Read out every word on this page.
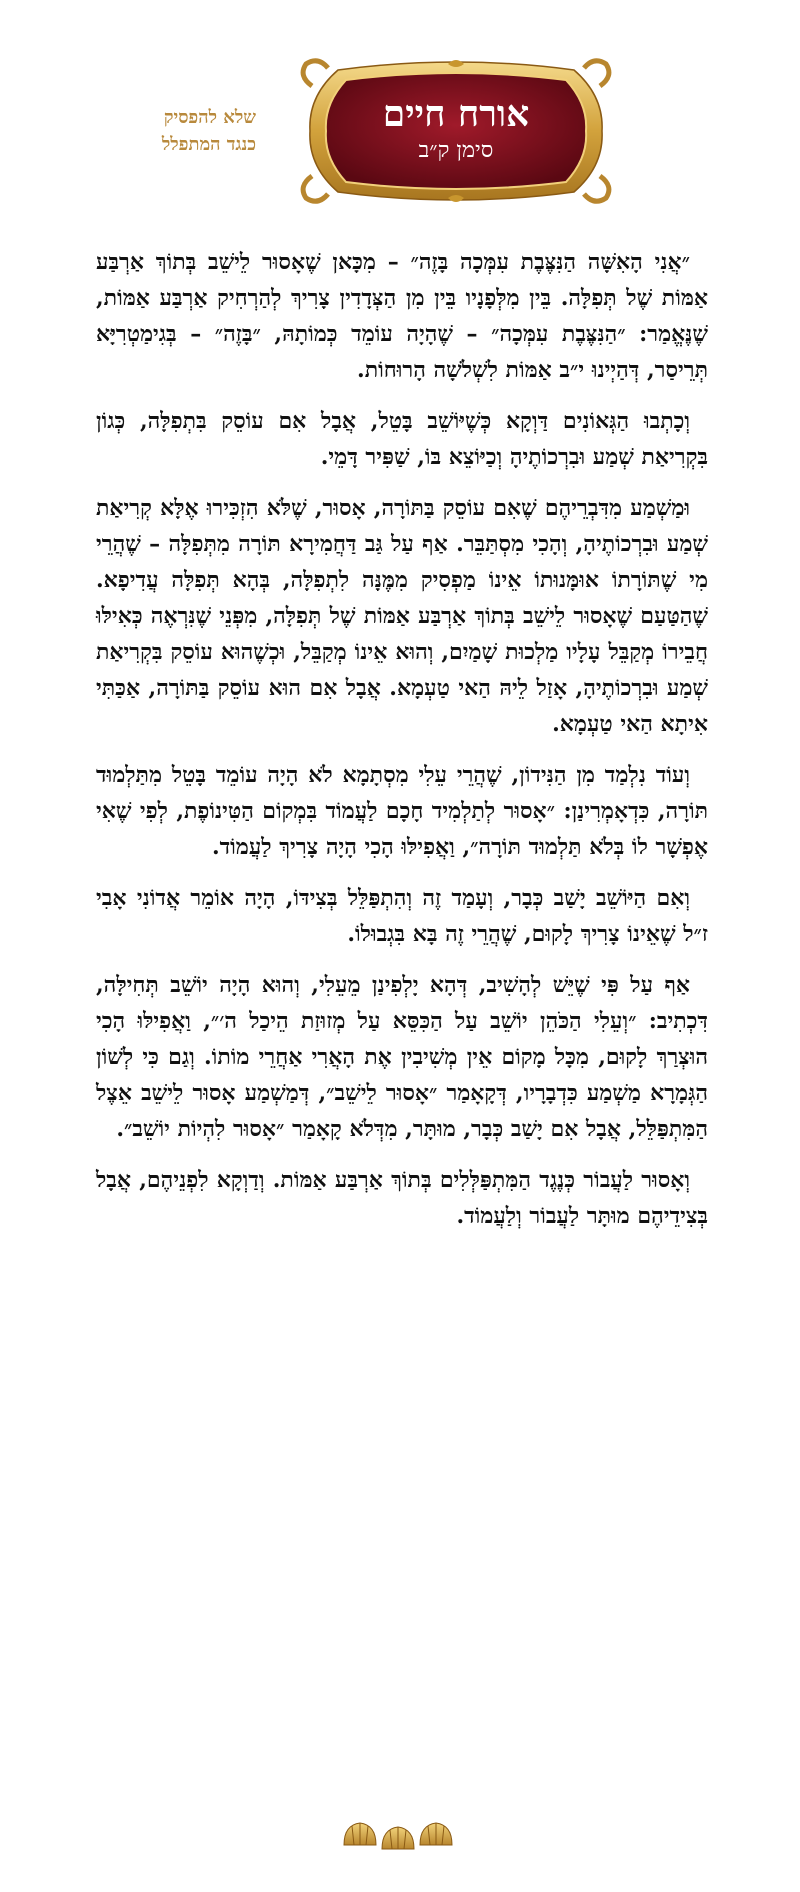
אורח חיים
סימן ק״ב
שלא להפסיק
כנגד המתפלל

״אֲנִי הָאִשָּׁה הַנִּצֶּבֶת עִמְּכָה בָּזֶה״ – מִכָּאן שֶׁאָסוּר לֵישֵׁב בְּתוֹךְ אַרְבַּע אַמּוֹת שֶׁל תְּפִלָּה. בֵּין מִלְּפָנָיו בֵּין מִן הַצְּדָדִין צָרִיךְ לְהַרְחִיק אַרְבַּע אַמּוֹת, שֶׁנֶּאֱמַר: ״הַנִּצֶּבֶת עִמְּכָה״ – שֶׁהָיָה עוֹמֵד כְּמוֹתָהּ, ״בָּזֶה״ – בְּגִימַטְרִיָּא תְּרֵיסַר, דְּהַיְינוּ י״ב אַמּוֹת לִשְׁלֹשָׁה הָרוּחוֹת.

וְכָתְבוּ הַגְּאוֹנִים דַּוְקָא כְּשֶׁיּוֹשֵׁב בָּטֵל, אֲבָל אִם עוֹסֵק בִּתְפִלָּה, כְּגוֹן בִּקְרִיאַת שְׁמַע וּבִרְכוֹתֶיהָ וְכַיּוֹצֵא בּוֹ, שַׁפִּיר דָּמֵי.

וּמַשְׁמַע מִדִּבְרֵיהֶם שֶׁאִם עוֹסֵק בַּתּוֹרָה, אָסוּר, שֶׁלֹּא הִזְכִּירוּ אֶלָּא קְרִיאַת שְׁמַע וּבִרְכוֹתֶיהָ, וְהָכִי מִסְתַּבֵּר. אַף עַל גַּב דַּחֲמִירָא תּוֹרָה מִתְּפִלָּה – שֶׁהֲרֵי מִי שֶׁתּוֹרָתוֹ אוּמָּנוּתוֹ אֵינוֹ מַפְסִיק מִמֶּנָּה לִתְפִלָּה, בְּהָא תְּפִלָּה עֲדִיפָא. שֶׁהַטַּעַם שֶׁאָסוּר לֵישֵׁב בְּתוֹךְ אַרְבַּע אַמּוֹת שֶׁל תְּפִלָּה, מִפְּנֵי שֶׁנִּרְאֶה כְּאִילּוּ חֲבֵירוֹ מְקַבֵּל עָלָיו מַלְכוּת שָׁמַיִם, וְהוּא אֵינוֹ מְקַבֵּל, וּכְשֶׁהוּא עוֹסֵק בִּקְרִיאַת שְׁמַע וּבִרְכוֹתֶיהָ, אָזַל לֵיהּ הַאי טַעְמָא. אֲבָל אִם הוּא עוֹסֵק בַּתּוֹרָה, אַכַּתִּי אִיתָא הַאי טַעְמָא.

וְעוֹד נִלְמַד מִן הַנִּידוֹן, שֶׁהֲרֵי עֵלִי מִסְתָמָא לֹא הָיָה עוֹמֵד בָּטֵל מִתַּלְמוּד תּוֹרָה, כִּדְאָמְרִינַן: ״אָסוּר לְתַלְמִיד חָכָם לַעֲמוֹד בִּמְקוֹם הַטִּינוֹפֶת, לְפִי שֶׁאִי אֶפְשָׁר לוֹ בְּלֹא תַּלְמוּד תּוֹרָה״, וַאֲפִילּוּ הָכִי הָיָה צָרִיךְ לַעֲמוֹד.

וְאִם הַיּוֹשֵׁב יָשַׁב כְּבָר, וְעָמַד זֶה וְהִתְפַּלֵּל בְּצִידּוֹ, הָיָה אוֹמֵר אֲדוֹנִי אָבִי ז״ל שֶׁאֵינוֹ צָרִיךְ לָקוּם, שֶׁהֲרֵי זֶה בָּא בִּגְבוּלוֹ.

אַף עַל פִּי שֶׁיֵּשׁ לְהָשִׁיב, דְּהָא יָלְפִינַן מֵעֵלִי, וְהוּא הָיָה יוֹשֵׁב תְּחִילָּה, דִּכְתִיב: ״וְעֵלִי הַכֹּהֵן יוֹשֵׁב עַל הַכִּסֵּא עַל מְזוּזַת הֵיכַל ה׳״, וַאֲפִילּוּ הָכִי הוּצְרַךְ לָקוּם, מִכָּל מָקוֹם אֵין מְשִׁיבִין אֶת הָאֲרִי אַחֲרֵי מוֹתוֹ. וְגַם כִּי לְשׁוֹן הַגְּמָרָא מַשְׁמַע כִּדְבָרָיו, דְּקָאָמַר ״אָסוּר לֵישֵׁב״, דְּמַשְׁמַע אָסוּר לֵישֵׁב אֵצֶל הַמִּתְפַּלֵּל, אֲבָל אִם יָשַׁב כְּבָר, מוּתָּר, מִדְּלֹא קָאָמַר ״אָסוּר לִהְיוֹת יוֹשֵׁב״.

וְאָסוּר לַעֲבוֹר כְּנֶגֶד הַמִּתְפַּלְּלִים בְּתוֹךְ אַרְבַּע אַמּוֹת. וְדַוְקָא לִפְנֵיהֶם, אֲבָל בְּצִידֵיהֶם מוּתָּר לַעֲבוֹר וְלַעֲמוֹד.
